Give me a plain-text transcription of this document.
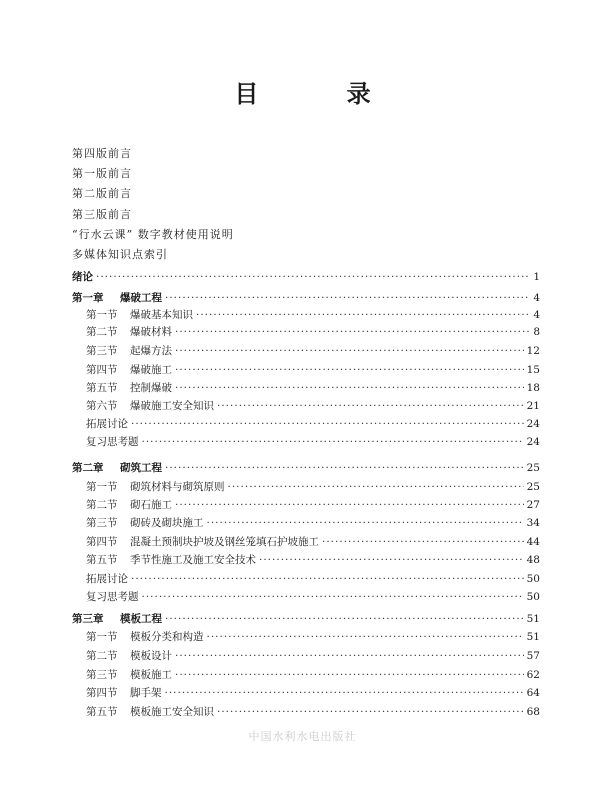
目 录
第四版前言
第一版前言
第二版前言
第三版前言
“行水云课” 数字教材使用说明
多媒体知识点索引
绪论 ·····	1
第一章 爆破工程 ·····	4
第一节 爆破基本知识 ·····	4
第二节 爆破材料 ·····	8
第三节 起爆方法 ·····	12
第四节 爆破施工 ·····	15
第五节 控制爆破 ·····	18
第六节 爆破施工安全知识 ·····	21
拓展讨论 ·····	24
复习思考题 ·····	24
第二章 砌筑工程 ·····	25
第一节 砌筑材料与砌筑原则 ·····	25
第二节 砌石施工 ·····	27
第三节 砌砖及砌块施工 ·····	34
第四节 混凝土预制块护坡及钢丝笼填石护坡施工 ·····	44
第五节 季节性施工及施工安全技术 ·····	48
拓展讨论 ·····	50
复习思考题 ·····	50
第三章 模板工程 ·····	51
第一节 模板分类和构造 ·····	51
第二节 模板设计 ·····	57
第三节 模板施工 ·····	62
第四节 脚手架 ·····	64
第五节 模板施工安全知识 ·····	68
中国水利水电出版社
